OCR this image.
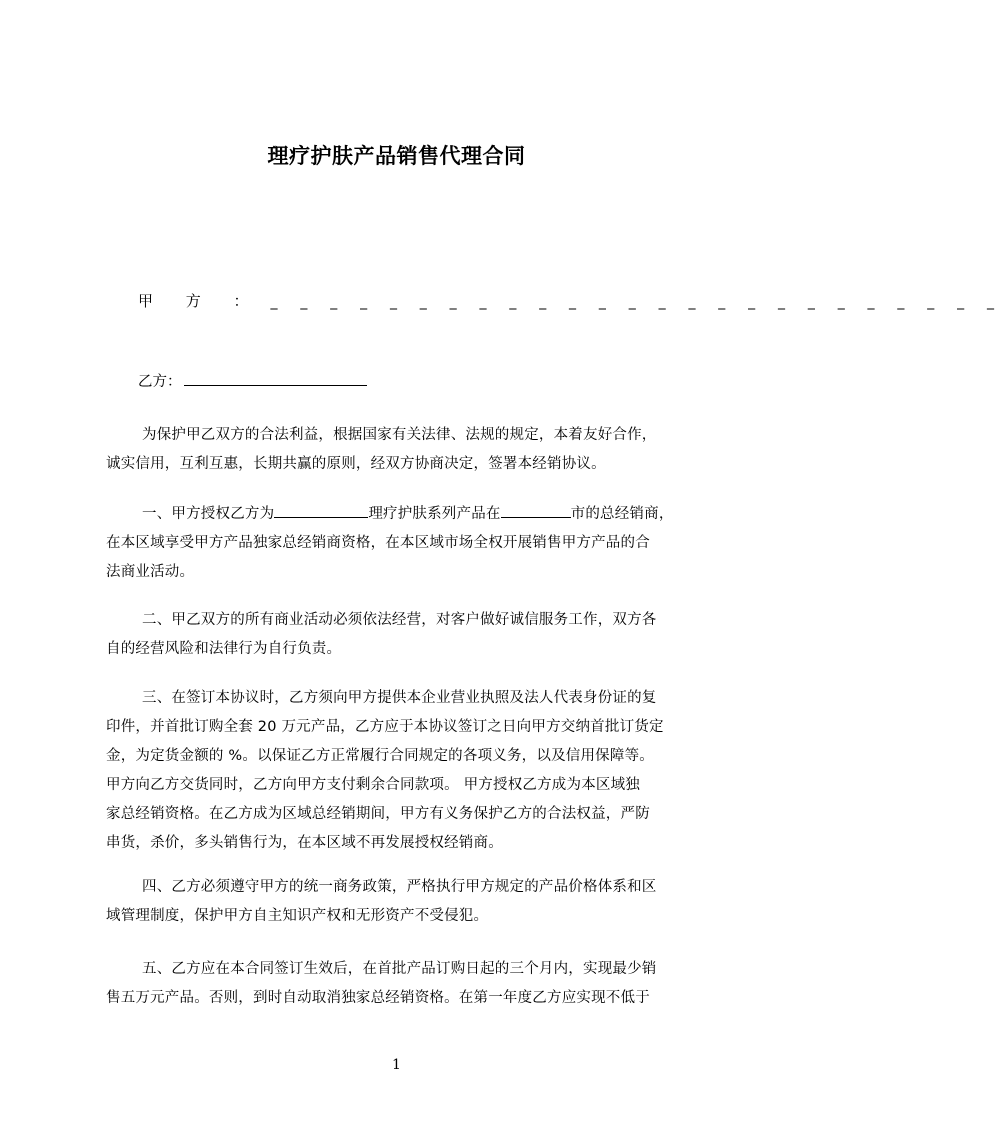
理疗护肤产品销售代理合同
甲 方 ： _ _ _ _ _ _ _ _ _ _ _ _ _ _ _ _ _ _ _ _ _ _ _ _ _
乙方：
为保护甲乙双方的合法利益，根据国家有关法律、法规的规定，本着友好合作，
诚实信用，互利互惠，长期共赢的原则，经双方协商决定，签署本经销协议。
一、甲方授权乙方为	理疗护肤系列产品在	市的总经销商，
在本区域享受甲方产品独家总经销商资格，在本区域市场全权开展销售甲方产品的合
法商业活动。
二、甲乙双方的所有商业活动必须依法经营，对客户做好诚信服务工作，双方各
自的经营风险和法律行为自行负责。
三、在签订本协议时，乙方须向甲方提供本企业营业执照及法人代表身份证的复
印件，并首批订购全套 20 万元产品，乙方应于本协议签订之日向甲方交纳首批订货定
金，为定货金额的 %。以保证乙方正常履行合同规定的各项义务，以及信用保障等。
甲方向乙方交货同时，乙方向甲方支付剩余合同款项。 甲方授权乙方成为本区域独
家总经销资格。在乙方成为区域总经销期间，甲方有义务保护乙方的合法权益，严防
串货，杀价，多头销售行为，在本区域不再发展授权经销商。
四、乙方必须遵守甲方的统一商务政策，严格执行甲方规定的产品价格体系和区
域管理制度，保护甲方自主知识产权和无形资产不受侵犯。
五、乙方应在本合同签订生效后，在首批产品订购日起的三个月内，实现最少销
售五万元产品。否则，到时自动取消独家总经销资格。在第一年度乙方应实现不低于
1
